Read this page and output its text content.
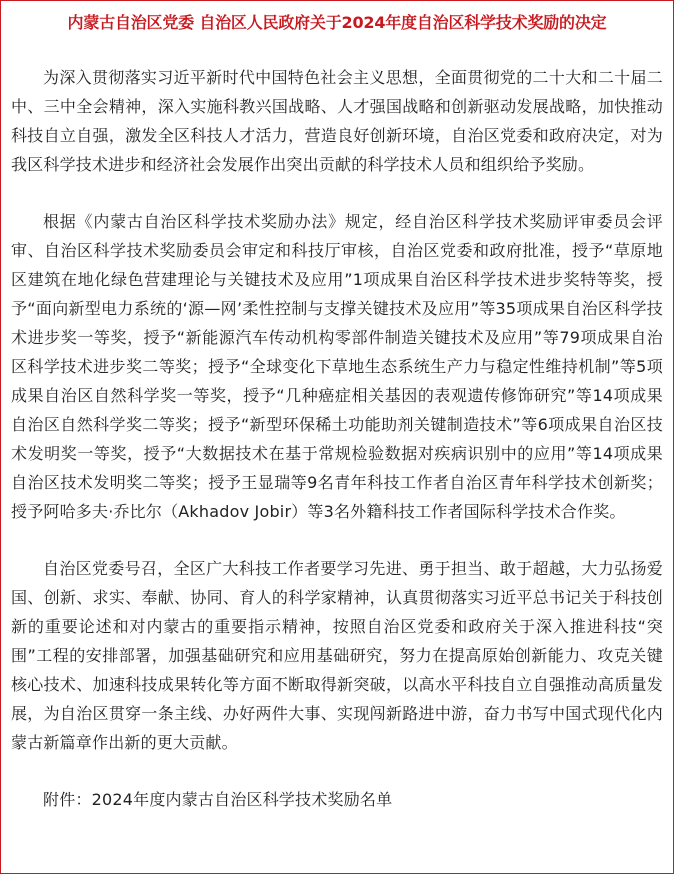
内蒙古自治区党委 自治区人民政府关于2024年度自治区科学技术奖励的决定

为深入贯彻落实习近平新时代中国特色社会主义思想，全面贯彻党的二十大和二十届二中、三中全会精神，深入实施科教兴国战略、人才强国战略和创新驱动发展战略，加快推动科技自立自强，激发全区科技人才活力，营造良好创新环境，自治区党委和政府决定，对为我区科学技术进步和经济社会发展作出突出贡献的科学技术人员和组织给予奖励。

根据《内蒙古自治区科学技术奖励办法》规定，经自治区科学技术奖励评审委员会评审、自治区科学技术奖励委员会审定和科技厅审核，自治区党委和政府批准，授予“草原地区建筑在地化绿色营建理论与关键技术及应用”1项成果自治区科学技术进步奖特等奖，授予“面向新型电力系统的‘源—网’柔性控制与支撑关键技术及应用”等35项成果自治区科学技术进步奖一等奖，授予“新能源汽车传动机构零部件制造关键技术及应用”等79项成果自治区科学技术进步奖二等奖；授予“全球变化下草地生态系统生产力与稳定性维持机制”等5项成果自治区自然科学奖一等奖，授予“几种癌症相关基因的表观遗传修饰研究”等14项成果自治区自然科学奖二等奖；授予“新型环保稀土功能助剂关键制造技术”等6项成果自治区技术发明奖一等奖，授予“大数据技术在基于常规检验数据对疾病识别中的应用”等14项成果自治区技术发明奖二等奖；授予王显瑞等9名青年科技工作者自治区青年科学技术创新奖；授予阿哈多夫·乔比尔（Akhadov Jobir）等3名外籍科技工作者国际科学技术合作奖。

自治区党委号召，全区广大科技工作者要学习先进、勇于担当、敢于超越，大力弘扬爱国、创新、求实、奉献、协同、育人的科学家精神，认真贯彻落实习近平总书记关于科技创新的重要论述和对内蒙古的重要指示精神，按照自治区党委和政府关于深入推进科技“突围”工程的安排部署，加强基础研究和应用基础研究，努力在提高原始创新能力、攻克关键核心技术、加速科技成果转化等方面不断取得新突破，以高水平科技自立自强推动高质量发展，为自治区贯穿一条主线、办好两件大事、实现闯新路进中游，奋力书写中国式现代化内蒙古新篇章作出新的更大贡献。

附件：2024年度内蒙古自治区科学技术奖励名单
